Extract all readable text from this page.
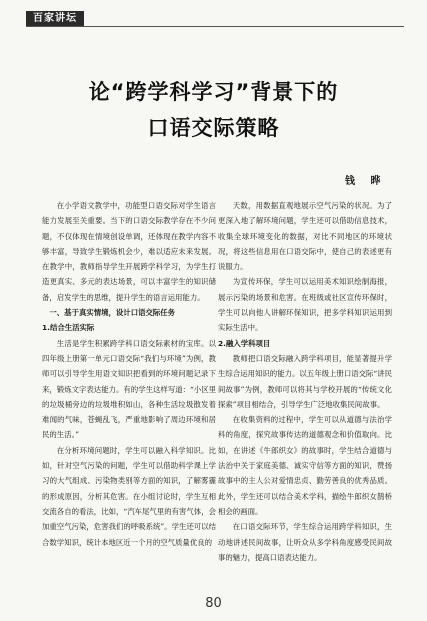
百家讲坛
论“跨学科学习”背景下的
口语交际策略
钱 晔

在小学语文教学中，功能型口语交际对学生语言能力发展至关重要。当下的口语交际教学存在不少问题，不仅体现在情境创设单调，还体现在教学内容不够丰富，导致学生锻炼机会少，难以适应未来发展。在教学中，教师指导学生开展跨学科学习，为学生打造更真实、多元的表达场景，可以丰富学生的知识储备，启发学生的思维，提升学生的语言运用能力。

一、基于真实情境，设计口语交际任务

1.结合生活实际

生活是学生积累跨学科口语交际素材的宝库。以四年级上册第一单元口语交际“我们与环境”为例，教师可以引导学生用语文知识把看到的环境问题记录下来，锻炼文字表达能力。有的学生这样写道：“小区里的垃圾桶旁边的垃圾堆积如山，各种生活垃圾散发着难闻的气味，苍蝇乱飞，严重地影响了周边环境和居民的生活。”

在分析环境问题时，学生可以融入科学知识。比如，针对空气污染的问题，学生可以借助科学课上学习的大气组成、污染物类别等方面的知识，了解雾霾的形成原因，分析其危害。在小组讨论时，学生互相交流各自的看法，比如，“汽车尾气里的有害气体，会加重空气污染，危害我们的呼吸系统”。学生还可以结合数学知识，统计本地区近一个月的空气质量优良的

天数，用数据直观地展示空气污染的状况。为了更深入地了解环境问题，学生还可以借助信息技术，收集全球环境变化的数据，对比不同地区的环境状况，将这些信息用在口语交际中，使自己的表述更有说服力。

为宣传环保，学生可以运用美术知识绘制海报，展示污染的场景和危害。在班级或社区宣传环保时，学生可以向他人讲解环保知识，把多学科知识运用到实际生活中。

2.融入学科项目

教师把口语交际融入跨学科项目，能显著提升学生综合运用知识的能力。以五年级上册口语交际“讲民间故事”为例，教师可以将其与学校开展的“传统文化探索”项目相结合，引导学生广泛地收集民间故事。

在收集资料的过程中，学生可以从道德与法治学科的角度，探究故事传达的道德观念和价值取向。比如，在讲述《牛郎织女》的故事时，学生结合道德与法治中关于家庭美德、诚实守信等方面的知识，赞扬故事中的主人公对爱情忠贞、勤劳善良的优秀品质。此外，学生还可以结合美术学科，描绘牛郎织女鹊桥相会的画面。

在口语交际环节，学生综合运用跨学科知识，生动地讲述民间故事，让听众从多学科角度感受民间故事的魅力，提高口语表达能力。

80
